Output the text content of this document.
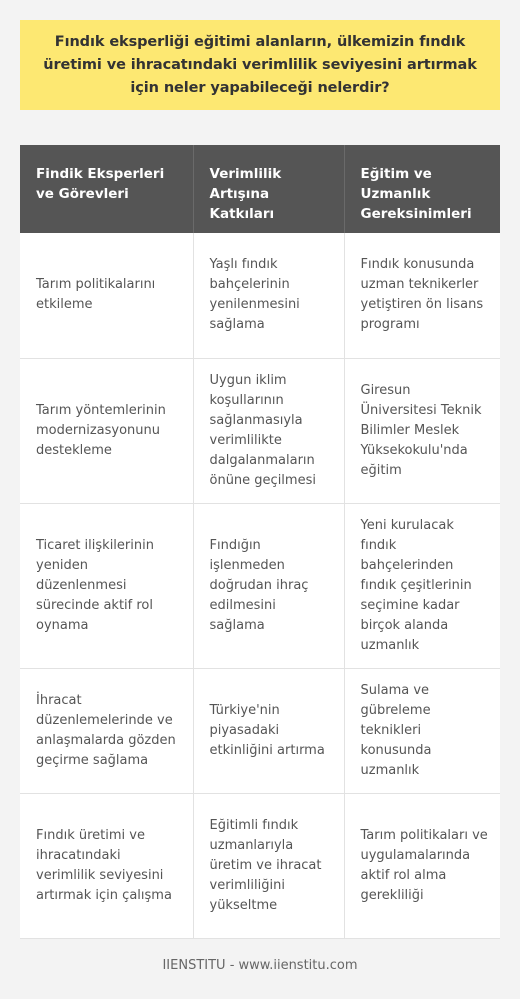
Fındık eksperliği eğitimi alanların, ülkemizin fındık üretimi ve ihracatındaki verimlilik seviyesini artırmak için neler yapabileceği nelerdir?
Findik Eksperleri ve Görevleri	Verimlilik Artışına Katkıları	Eğitim ve Uzmanlık Gereksinimleri
Tarım politikalarını etkileme	Yaşlı fındık bahçelerinin yenilenmesini sağlama	Fındık konusunda uzman teknikerler yetiştiren ön lisans programı
Tarım yöntemlerinin modernizasyonunu destekleme	Uygun iklim koşullarının sağlanmasıyla verimlilikte dalgalanmaların önüne geçilmesi	Giresun Üniversitesi Teknik Bilimler Meslek Yüksekokulu'nda eğitim
Ticaret ilişkilerinin yeniden düzenlenmesi sürecinde aktif rol oynama	Fındığın işlenmeden doğrudan ihraç edilmesini sağlama	Yeni kurulacak fındık bahçelerinden fındık çeşitlerinin seçimine kadar birçok alanda uzmanlık
İhracat düzenlemelerinde ve anlaşmalarda gözden geçirme sağlama	Türkiye'nin piyasadaki etkinliğini artırma	Sulama ve gübreleme teknikleri konusunda uzmanlık
Fındık üretimi ve ihracatındaki verimlilik seviyesini artırmak için çalışma	Eğitimli fındık uzmanlarıyla üretim ve ihracat verimliliğini yükseltme	Tarım politikaları ve uygulamalarında aktif rol alma gerekliliği
IIENSTITU - www.iienstitu.com
